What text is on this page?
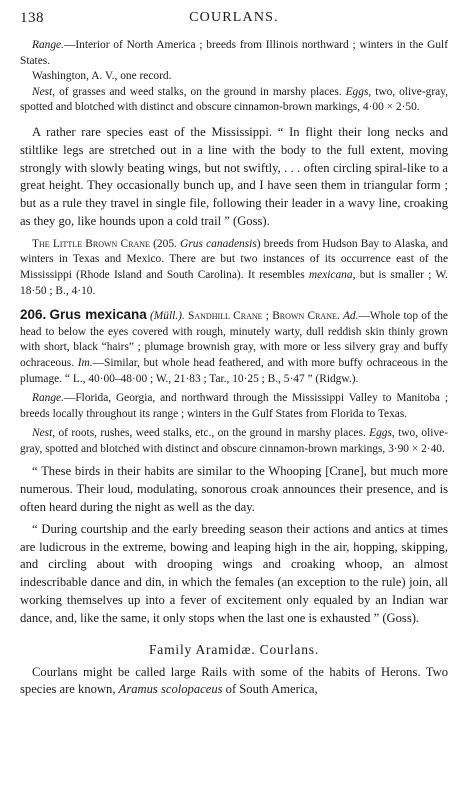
138	COURLANS.

Range.—Interior of North America ; breeds from Illinois northward ; winters in the Gulf States.

Washington, A. V., one record.

Nest, of grasses and weed stalks, on the ground in marshy places. Eggs, two, olive-gray, spotted and blotched with distinct and obscure cinnamon-brown markings, 4·00 × 2·50.

A rather rare species east of the Mississippi. “ In flight their long necks and stiltlike legs are stretched out in a line with the body to the full extent, moving strongly with slowly beating wings, but not swiftly, . . . often circling spiral-like to a great height. They occasionally bunch up, and I have seen them in triangular form ; but as a rule they travel in single file, following their leader in a wavy line, croaking as they go, like hounds upon a cold trail ” (Goss).

The Little Brown Crane (205. Grus canadensis) breeds from Hudson Bay to Alaska, and winters in Texas and Mexico. There are but two instances of its occurrence east of the Mississippi (Rhode Island and South Carolina). It resembles mexicana, but is smaller ; W. 18·50 ; B., 4·10.

206. Grus mexicana (Müll.). Sandhill Crane ; Brown Crane. Ad.—Whole top of the head to below the eyes covered with rough, minutely warty, dull reddish skin thinly grown with short, black “hairs” ; plumage brownish gray, with more or less silvery gray and buffy ochraceous. Im.—Similar, but whole head feathered, and with more buffy ochraceous in the plumage. “ L., 40·00–48·00 ; W., 21·83 ; Tar., 10·25 ; B., 5·47 ” (Ridgw.).

Range.—Florida, Georgia, and northward through the Mississippi Valley to Manitoba ; breeds locally throughout its range ; winters in the Gulf States from Florida to Texas.

Nest, of roots, rushes, weed stalks, etc., on the ground in marshy places. Eggs, two, olive-gray, spotted and blotched with distinct and obscure cinnamon-brown markings, 3·90 × 2·40.

“ These birds in their habits are similar to the Whooping [Crane], but much more numerous. Their loud, modulating, sonorous croak announces their presence, and is often heard during the night as well as the day.

“ During courtship and the early breeding season their actions and antics at times are ludicrous in the extreme, bowing and leaping high in the air, hopping, skipping, and circling about with drooping wings and croaking whoop, an almost indescribable dance and din, in which the females (an exception to the rule) join, all working themselves up into a fever of excitement only equaled by an Indian war dance, and, like the same, it only stops when the last one is exhausted ” (Goss).

Family Aramidæ. Courlans.

Courlans might be called large Rails with some of the habits of Herons. Two species are known, Aramus scolopaceus of South America,
